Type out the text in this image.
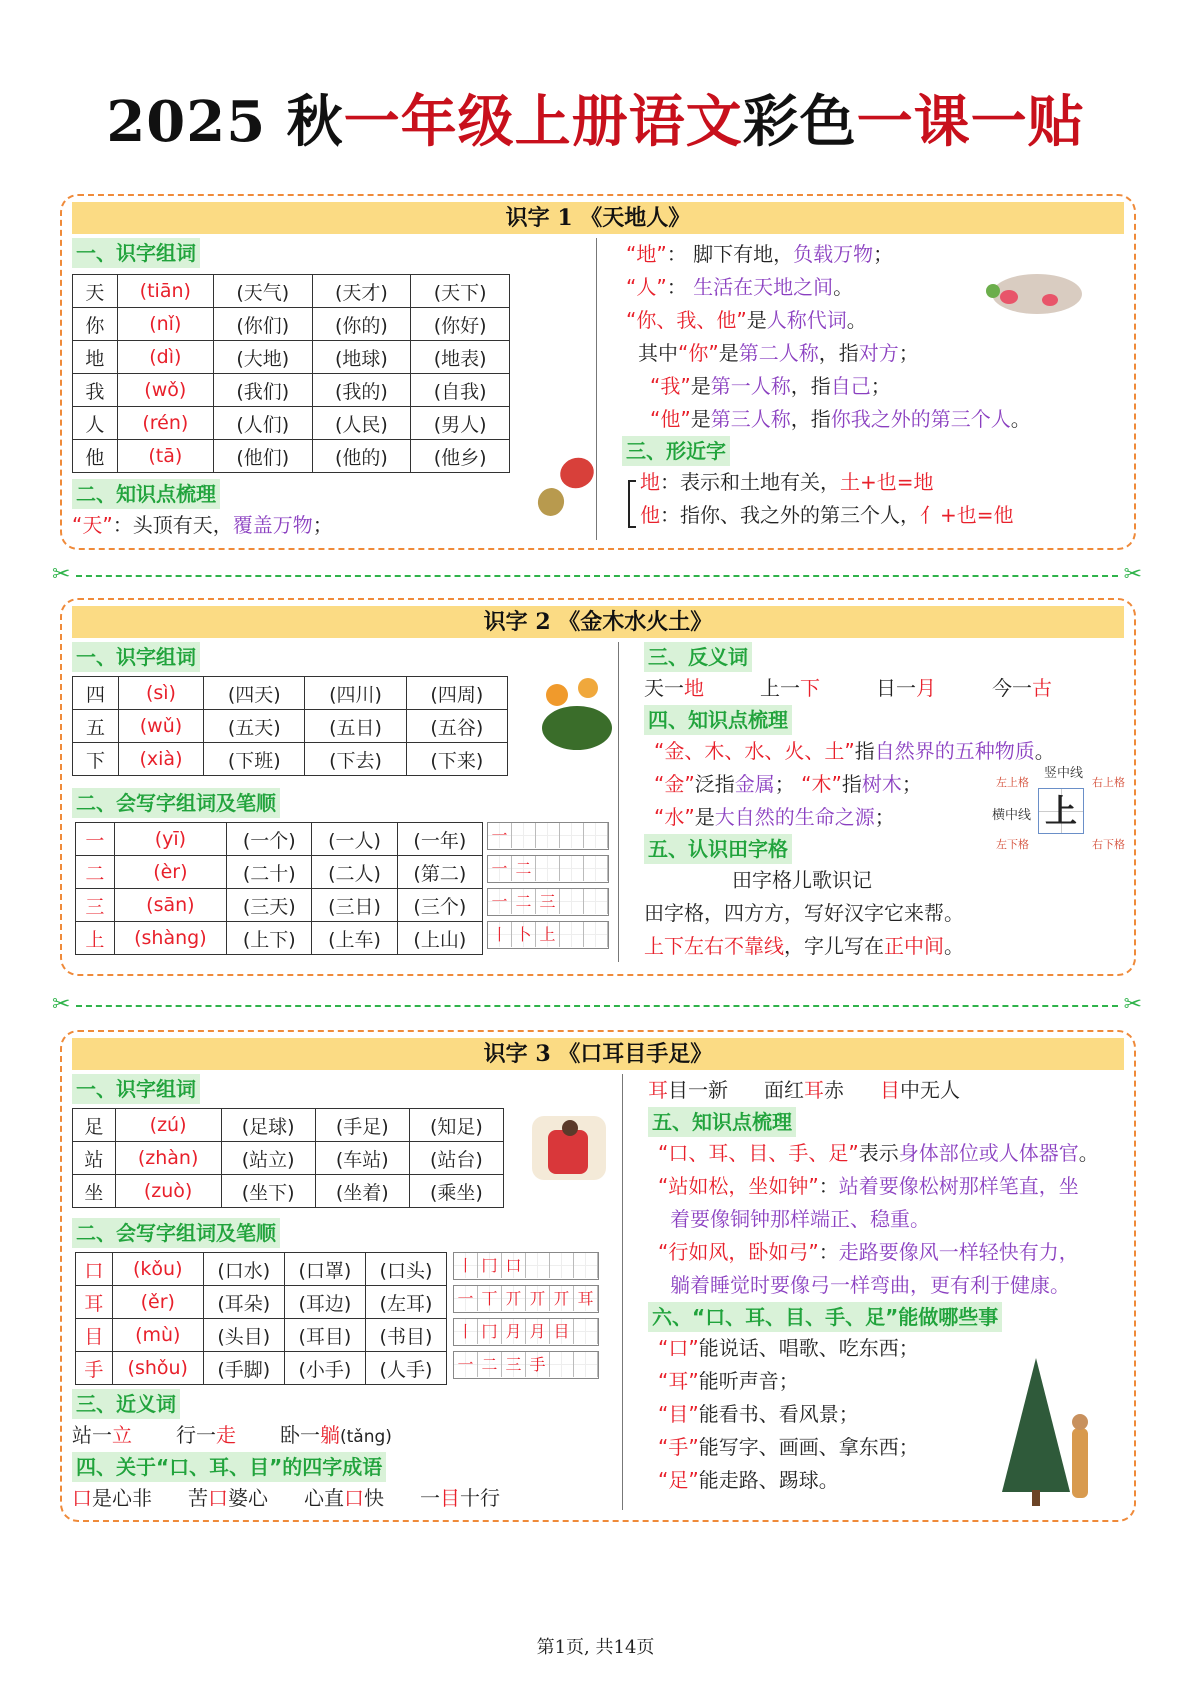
2025 秋一年级上册语文彩色一课一贴
识字 1 《天地人》
一、识字组词
天	(tiān)	(天气)	(天才)	(天下)
你	(nǐ)	(你们)	(你的)	(你好)
地	(dì)	(大地)	(地球)	(地表)
我	(wǒ)	(我们)	(我的)	(自我)
人	(rén)	(人们)	(人民)	(男人)
他	(tā)	(他们)	(他的)	(他乡)
二、知识点梳理
“天”：头顶有天，覆盖万物；
“地”： 脚下有地，负载万物；
“人”： 生活在天地之间。
“你、我、他”是人称代词。
其中“你”是第二人称，指对方；
“我”是第一人称，指自己；
“他”是第三人称，指你我之外的第三个人。
三、形近字
地：表示和土地有关，土+也=地
他：指你、我之外的第三个人，亻+也=他
✂	✂
识字 2 《金木水火土》
一、识字组词
四	(sì)	(四天)	(四川)	(四周)
五	(wǔ)	(五天)	(五日)	(五谷)
下	(xià)	(下班)	(下去)	(下来)
二、会写字组词及笔顺
一	(yī)	(一个)	(一人)	(一年)
二	(èr)	(二十)	(二人)	(第二)
三	(sān)	(三天)	(三日)	(三个)
上	(shàng)	(上下)	(上车)	(上山)
一
一 二
一 二 三
丨 卜 上
三、反义词
天一地	上一下	日一月	今一古
四、知识点梳理
“金、木、水、火、土”指自然界的五种物质。
“金”泛指金属； “木”指树木；
“水”是大自然的生命之源；
五、认识田字格
田字格儿歌识记
田字格，四方方，写好汉字它来帮。
上下左右不靠线，字儿写在正中间。
上
竖中线
横中线
左上格	右上格
左下格	右下格
✂	✂
识字 3 《口耳目手足》
一、识字组词
足	(zú)	(足球)	(手足)	(知足)
站	(zhàn)	(站立)	(车站)	(站台)
坐	(zuò)	(坐下)	(坐着)	(乘坐)
二、会写字组词及笔顺
口	(kǒu)	(口水)	(口罩)	(口头)
耳	(ěr)	(耳朵)	(耳边)	(左耳)
目	(mù)	(头目)	(耳目)	(书目)
手	(shǒu)	(手脚)	(小手)	(人手)
丨 冂 口
一 丅 丌 丌 丌 耳
丨 冂 月 月 目
一 二 三 手
三、近义词
站一立 行一走 卧一躺(tǎng)
四、关于“口、耳、目”的四字成语
口是心非 苦口婆心 心直口快 一目十行
耳目一新 面红耳赤 目中无人
五、知识点梳理
“口、耳、目、手、足”表示身体部位或人体器官。
“站如松，坐如钟”：站着要像松树那样笔直，坐
着要像铜钟那样端正、稳重。
“行如风，卧如弓”：走路要像风一样轻快有力，
躺着睡觉时要像弓一样弯曲，更有利于健康。
六、“口、耳、目、手、足”能做哪些事
“口”能说话、唱歌、吃东西；
“耳”能听声音；
“目”能看书、看风景；
“手”能写字、画画、拿东西；
“足”能走路、踢球。
第1页, 共14页
